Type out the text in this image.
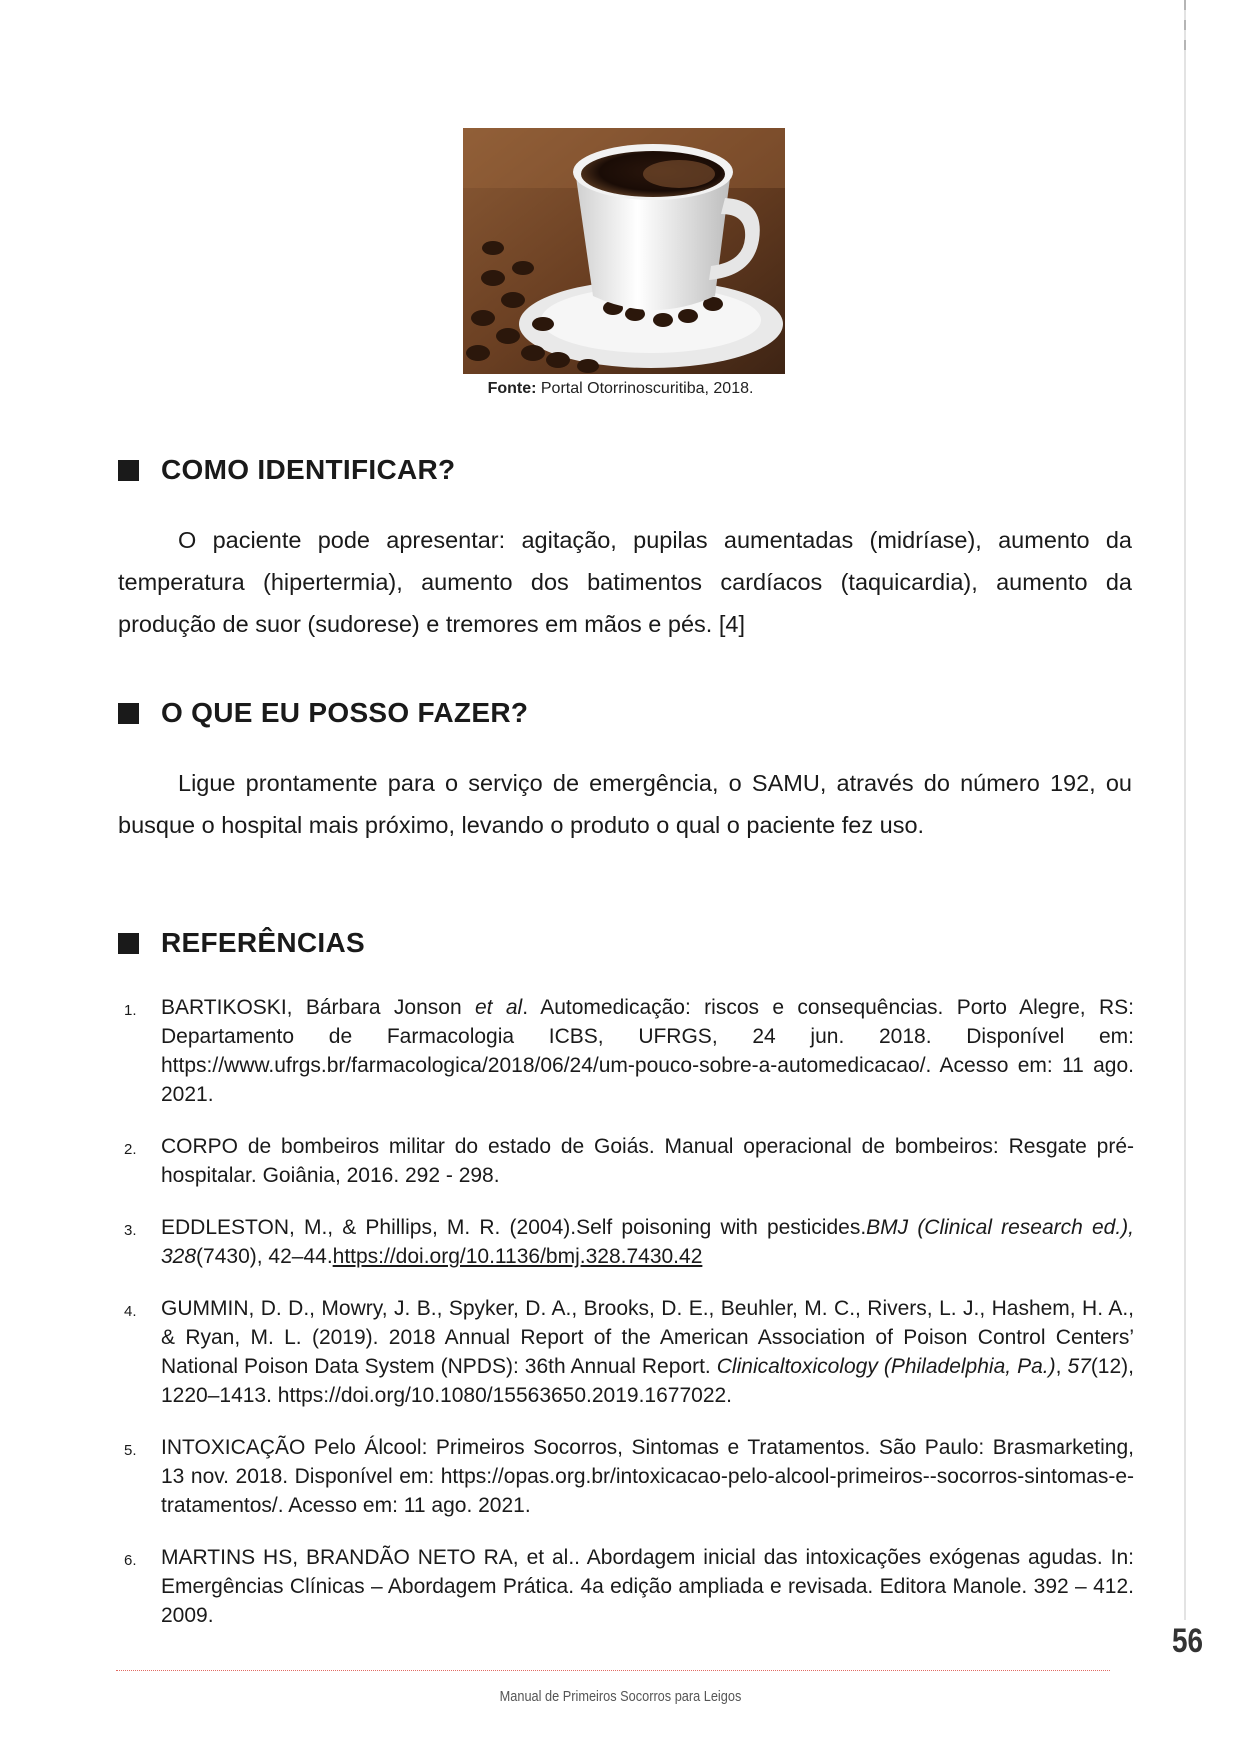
Fonte: Portal Otorrinoscuritiba, 2018.
COMO IDENTIFICAR?
O paciente pode apresentar: agitação, pupilas aumentadas (midríase), aumento da temperatura (hipertermia), aumento dos batimentos cardíacos (taquicardia), aumento da produção de suor (sudorese) e tremores em mãos e pés. [4]
O QUE EU POSSO FAZER?
Ligue prontamente para o serviço de emergência, o SAMU, através do número 192, ou busque o hospital mais próximo, levando o produto o qual o paciente fez uso.
REFERÊNCIAS
1. BARTIKOSKI, Bárbara Jonson et al. Automedicação: riscos e consequências. Porto Alegre, RS: Departamento de Farmacologia ICBS, UFRGS, 24 jun. 2018. Disponível em: https://www.ufrgs.br/farmacologica/2018/06/24/um-pouco-sobre-a-automedicacao/. Acesso em: 11 ago. 2021.
2. CORPO de bombeiros militar do estado de Goiás. Manual operacional de bombeiros: Resgate pré-hospitalar. Goiânia, 2016. 292 - 298.
3. EDDLESTON, M., & Phillips, M. R. (2004).Self poisoning with pesticides.BMJ (Clinical research ed.), 328(7430), 42–44.https://doi.org/10.1136/bmj.328.7430.42
4. GUMMIN, D. D., Mowry, J. B., Spyker, D. A., Brooks, D. E., Beuhler, M. C., Rivers, L. J., Hashem, H. A., & Ryan, M. L. (2019). 2018 Annual Report of the American Association of Poison Control Centers’ National Poison Data System (NPDS): 36th Annual Report. Clinicaltoxicology (Philadelphia, Pa.), 57(12), 1220–1413. https://doi.org/10.1080/15563650.2019.1677022.
5. INTOXICAÇÃO Pelo Álcool: Primeiros Socorros, Sintomas e Tratamentos. São Paulo: Brasmarketing, 13 nov. 2018. Disponível em: https://opas.org.br/intoxicacao-pelo-alcool-primeiros--socorros-sintomas-e-tratamentos/. Acesso em: 11 ago. 2021.
6. MARTINS HS, BRANDÃO NETO RA, et al.. Abordagem inicial das intoxicações exógenas agudas. In: Emergências Clínicas – Abordagem Prática. 4a edição ampliada e revisada. Editora Manole. 392 – 412. 2009.
56
Manual de Primeiros Socorros para Leigos
